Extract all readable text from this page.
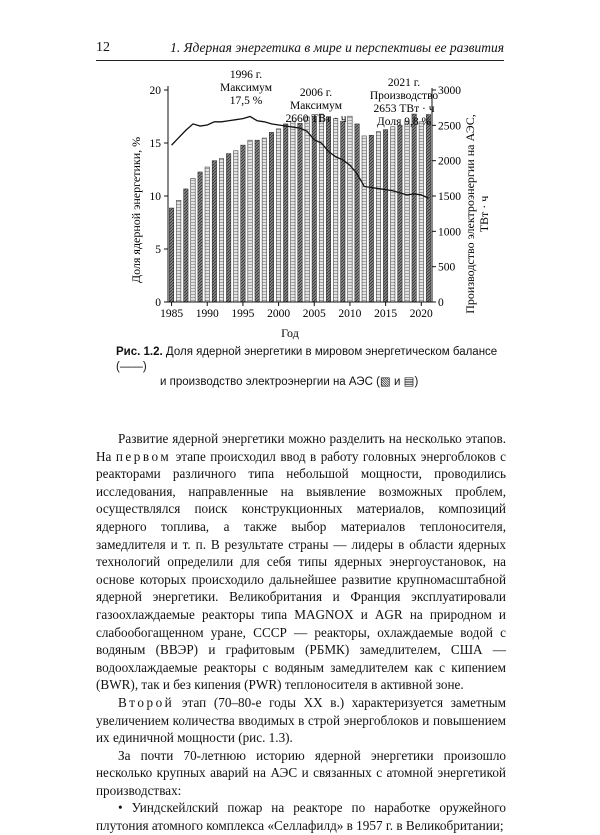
12	1. Ядерная энергетика в мире и перспективы ее развития
1985 1990 1995 2000 2005 2010 2015 2020
0
5
10
15
20
0
500
1000
1500
2000
2500
3000
Год
Доля ядерной энергетики, %	Производство электроэнергии на АЭС, ТВт · ч
1996 г.
Максимум
17,5 %
2006 г.
Максимум
2660 ТВт · ч
2021 г.
Производство
2653 ТВт · ч
Доля 9,8 %
Рис. 1.2. Доля ядерной энергетики в мировом энергетическом балансе (——)
и производство электроэнергии на АЭС (▧ и ▤)

Развитие ядерной энергетики можно разделить на несколько этапов. На первом этапе происходил ввод в работу головных энергоблоков с реакторами различного типа небольшой мощности, проводились исследования, направленные на выявление возможных проблем, осуществлялся поиск конструкционных материалов, композиций ядерного топлива, а также выбор материалов теплоносителя, замедлителя и т. п. В результате страны — лидеры в области ядерных технологий определили для себя типы ядерных энергоустановок, на основе которых происходило дальнейшее развитие крупномасштабной ядерной энергетики. Великобритания и Франция эксплуатировали газоохлаждаемые реакторы типа MAGNOX и AGR на природном и слабообогащенном уране, СССР — реакторы, охлаждаемые водой с водяным (ВВЭР) и графитовым (РБМК) замедлителем, США — водоохлаждаемые реакторы с водяным замедлителем как с кипением (BWR), так и без кипения (PWR) теплоносителя в активной зоне.

Второй этап (70–80-е годы XX в.) характеризуется заметным увеличением количества вводимых в строй энергоблоков и повышением их единичной мощности (рис. 1.3).

За почти 70-летнюю историю ядерной энергетики произошло несколько крупных аварий на АЭС и связанных с атомной энергетикой производствах:

• Уиндскейлский пожар на реакторе по наработке оружейного плутония атомного комплекса «Селлафилд» в 1957 г. в Великобритании;
